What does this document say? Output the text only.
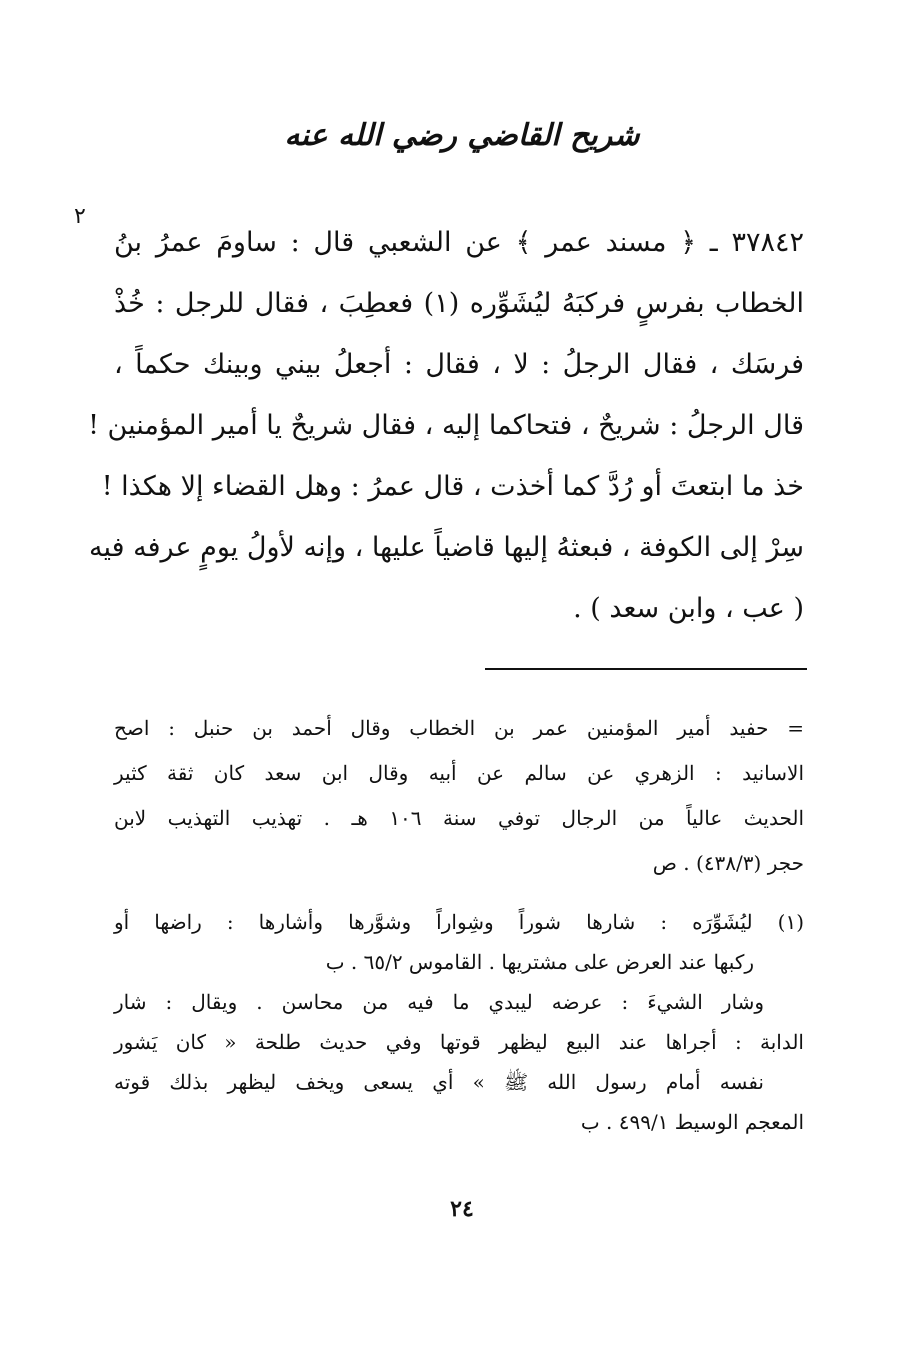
٢
شريح القاضي رضي الله عنه
٣٧٨٤٢ ـ ﴿ مسند عمر ﴾ عن الشعبي قال : ساومَ عمرُ بنُ
الخطاب بفرسٍ فركبَهُ ليُشَوِّره (١) فعطِبَ ، فقال للرجل : خُذْ
فرسَك ، فقال الرجلُ : لا ، فقال : أجعلُ بيني وبينك حكماً ،
قال الرجلُ : شريحٌ ، فتحاكما إليه ، فقال شريحٌ يا أمير المؤمنين !
خذ ما ابتعتَ أو رُدَّ كما أخذت ، قال عمرُ : وهل القضاء إلا هكذا !
سِرْ إلى الكوفة ، فبعثهُ إليها قاضياً عليها ، وإنه لأولُ يومٍ عرفه فيه
( عب ، وابن سعد ) .
= حفيد أمير المؤمنين عمر بن الخطاب وقال أحمد بن حنبل : اصح
الاسانيد : الزهري عن سالم عن أبيه وقال ابن سعد كان ثقة كثير
الحديث عالياً من الرجال توفي سنة ١٠٦ هـ . تهذيب التهذيب لابن
حجر (٤٣٨/٣) . ص
(١) ليُشَوِّرَه : شارها شوراً وشِواراً وشوَّرها وأشارها : راضها أو
ركبها عند العرض على مشتريها . القاموس ٦٥/٢ . ب
وشار الشيءَ : عرضه ليبدي ما فيه من محاسن . ويقال : شار
الدابة : أجراها عند البيع ليظهر قوتها وفي حديث طلحة « كان يَشور
نفسه أمام رسول الله ﷺ » أي يسعى ويخف ليظهر بذلك قوته
المعجم الوسيط ٤٩٩/١ . ب
٢٤
